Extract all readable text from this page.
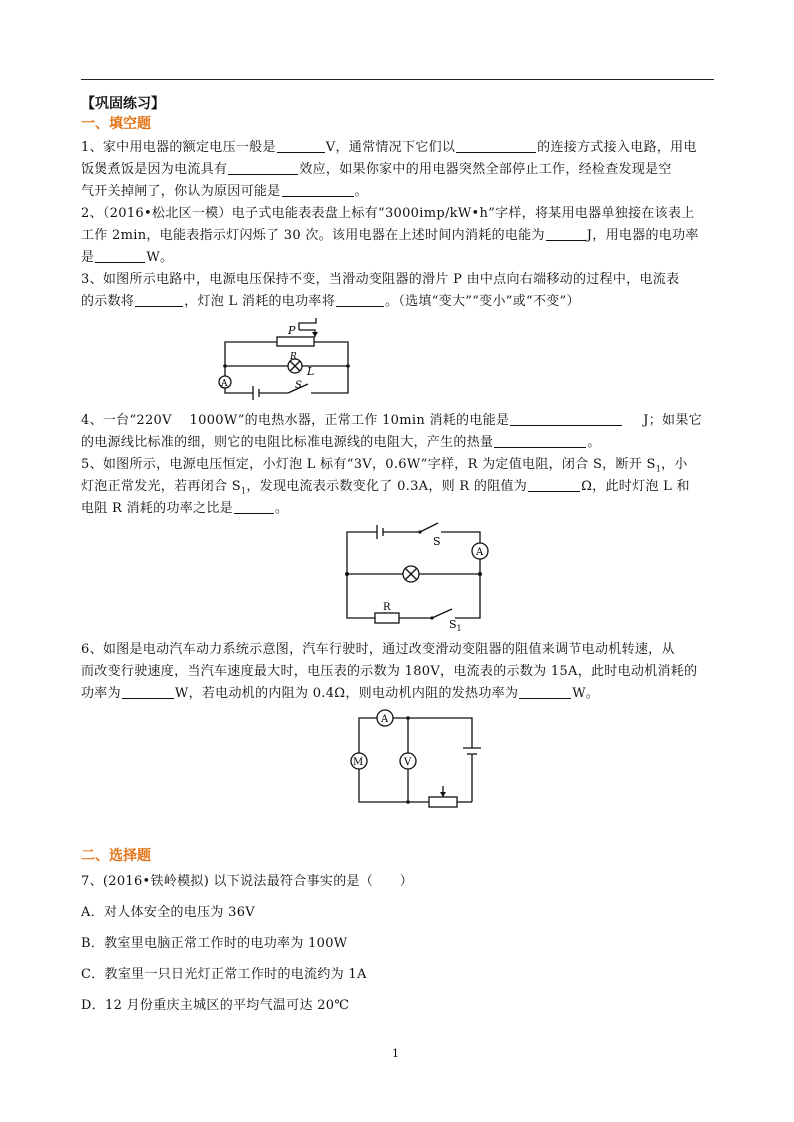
【巩固练习】
一、填空题
1、家中用电器的额定电压一般是	V，通常情况下它们以	的连接方式接入电路，用电
饭煲煮饭是因为电流具有	效应，如果你家中的用电器突然全部停止工作，经检查发现是空
气开关掉闸了，你认为原因可能是	。
2、（2016•松北区一模）电子式电能表表盘上标有“3000imp/kW•h”字样，将某用电器单独接在该表上
工作 2min，电能表指示灯闪烁了 30 次。该用电器在上述时间内消耗的电能为	J，用电器的电功率
是	W。
3、如图所示电路中，电源电压保持不变，当滑动变阻器的滑片 P 由中点向右端移动的过程中，电流表
的示数将	，灯泡 L 消耗的电功率将	。（选填“变大”“变小”或“不变”）
P
R
L
S
A
4、一台“220V　 1000W”的电热水器，正常工作 10min 消耗的电能是	J；如果它
的电源线比标准的细，则它的电阻比标准电源线的电阻大，产生的热量	。
5、如图所示，电源电压恒定，小灯泡 L 标有“3V，0.6W”字样，R 为定值电阻，闭合 S，断开 $S_1$，小
灯泡正常发光，若再闭合 $S_1$，发现电流表示数变化了 0.3A，则 R 的阻值为	Ω，此时灯泡 L 和
电阻 R 消耗的功率之比是	。
S
A
R
$S_1$
6、如图是电动汽车动力系统示意图，汽车行驶时，通过改变滑动变阻器的阻值来调节电动机转速，从
而改变行驶速度，当汽车速度最大时，电压表的示数为 180V，电流表的示数为 15A，此时电动机消耗的
功率为	W，若电动机的内阻为 0.4Ω，则电动机内阻的发热功率为	W。
A
M	V
二、选择题
7、(2016•铁岭模拟) 以下说法最符合事实的是（　　）
A．对人体安全的电压为 36V
B．教室里电脑正常工作时的电功率为 100W
C．教室里一只日光灯正常工作时的电流约为 1A
D．12 月份重庆主城区的平均气温可达 20℃
1
